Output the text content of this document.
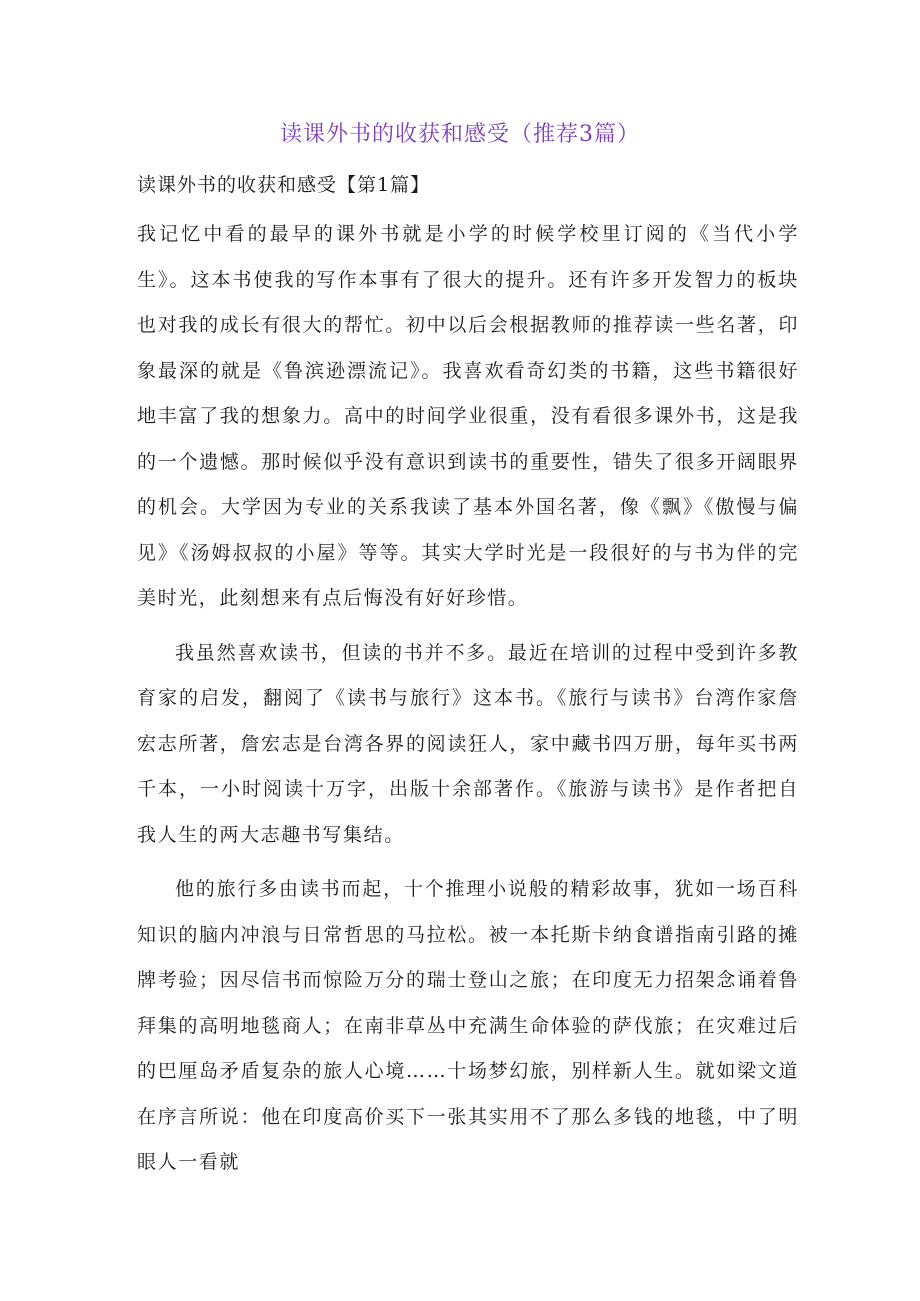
读课外书的收获和感受（推荐3篇）
读课外书的收获和感受【第1篇】

我记忆中看的最早的课外书就是小学的时候学校里订阅的《当代小学生》。这本书使我的写作本事有了很大的提升。还有许多开发智力的板块也对我的成长有很大的帮忙。初中以后会根据教师的推荐读一些名著，印象最深的就是《鲁滨逊漂流记》。我喜欢看奇幻类的书籍，这些书籍很好地丰富了我的想象力。高中的时间学业很重，没有看很多课外书，这是我的一个遗憾。那时候似乎没有意识到读书的重要性，错失了很多开阔眼界的机会。大学因为专业的关系我读了基本外国名著，像《飘》《傲慢与偏见》《汤姆叔叔的小屋》等等。其实大学时光是一段很好的与书为伴的完美时光，此刻想来有点后悔没有好好珍惜。

我虽然喜欢读书，但读的书并不多。最近在培训的过程中受到许多教育家的启发，翻阅了《读书与旅行》这本书。《旅行与读书》台湾作家詹宏志所著，詹宏志是台湾各界的阅读狂人，家中藏书四万册，每年买书两千本，一小时阅读十万字，出版十余部著作。《旅游与读书》是作者把自我人生的两大志趣书写集结。

他的旅行多由读书而起，十个推理小说般的精彩故事，犹如一场百科知识的脑内冲浪与日常哲思的马拉松。被一本托斯卡纳食谱指南引路的摊牌考验；因尽信书而惊险万分的瑞士登山之旅；在印度无力招架念诵着鲁拜集的高明地毯商人；在南非草丛中充满生命体验的萨伐旅；在灾难过后的巴厘岛矛盾复杂的旅人心境……十场梦幻旅，别样新人生。就如梁文道在序言所说：他在印度高价买下一张其实用不了那么多钱的地毯，中了明眼人一看就
